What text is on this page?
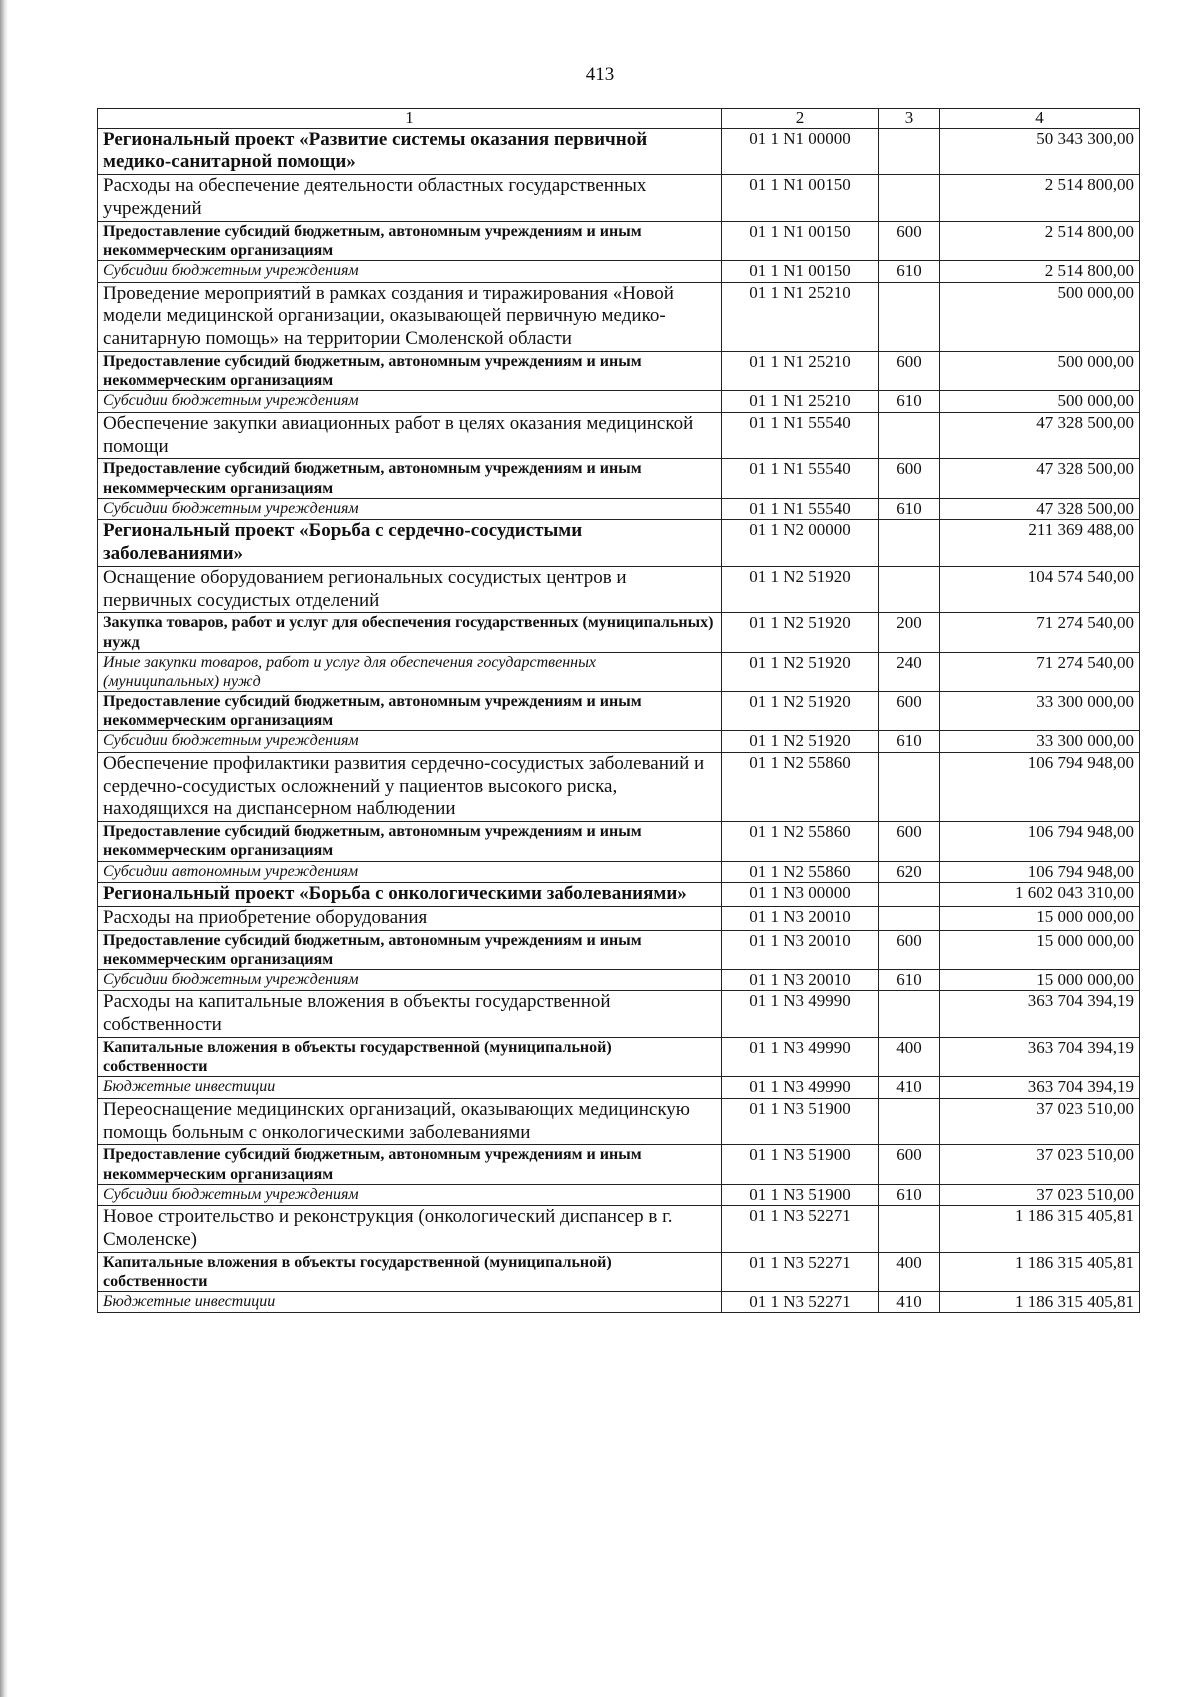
413
1	2	3	4
Региональный проект «Развитие системы оказания первичной медико-санитарной помощи»	01 1 N1 00000		50 343 300,00
Расходы на обеспечение деятельности областных государственных учреждений	01 1 N1 00150		2 514 800,00
Предоставление субсидий бюджетным, автономным учреждениям и иным некоммерческим организациям	01 1 N1 00150	600	2 514 800,00
Субсидии бюджетным учреждениям	01 1 N1 00150	610	2 514 800,00
Проведение мероприятий в рамках создания и тиражирования «Новой модели медицинской организации, оказывающей первичную медико-санитарную помощь» на территории Смоленской области	01 1 N1 25210		500 000,00
Предоставление субсидий бюджетным, автономным учреждениям и иным некоммерческим организациям	01 1 N1 25210	600	500 000,00
Субсидии бюджетным учреждениям	01 1 N1 25210	610	500 000,00
Обеспечение закупки авиационных работ в целях оказания медицинской помощи	01 1 N1 55540		47 328 500,00
Предоставление субсидий бюджетным, автономным учреждениям и иным некоммерческим организациям	01 1 N1 55540	600	47 328 500,00
Субсидии бюджетным учреждениям	01 1 N1 55540	610	47 328 500,00
Региональный проект «Борьба с сердечно-сосудистыми заболеваниями»	01 1 N2 00000		211 369 488,00
Оснащение оборудованием региональных сосудистых центров и первичных сосудистых отделений	01 1 N2 51920		104 574 540,00
Закупка товаров, работ и услуг для обеспечения государственных (муниципальных) нужд	01 1 N2 51920	200	71 274 540,00
Иные закупки товаров, работ и услуг для обеспечения государственных (муниципальных) нужд	01 1 N2 51920	240	71 274 540,00
Предоставление субсидий бюджетным, автономным учреждениям и иным некоммерческим организациям	01 1 N2 51920	600	33 300 000,00
Субсидии бюджетным учреждениям	01 1 N2 51920	610	33 300 000,00
Обеспечение профилактики развития сердечно-сосудистых заболеваний и сердечно-сосудистых осложнений у пациентов высокого риска, находящихся на диспансерном наблюдении	01 1 N2 55860		106 794 948,00
Предоставление субсидий бюджетным, автономным учреждениям и иным некоммерческим организациям	01 1 N2 55860	600	106 794 948,00
Субсидии автономным учреждениям	01 1 N2 55860	620	106 794 948,00
Региональный проект «Борьба с онкологическими заболеваниями»	01 1 N3 00000		1 602 043 310,00
Расходы на приобретение оборудования	01 1 N3 20010		15 000 000,00
Предоставление субсидий бюджетным, автономным учреждениям и иным некоммерческим организациям	01 1 N3 20010	600	15 000 000,00
Субсидии бюджетным учреждениям	01 1 N3 20010	610	15 000 000,00
Расходы на капитальные вложения в объекты государственной собственности	01 1 N3 49990		363 704 394,19
Капитальные вложения в объекты государственной (муниципальной) собственности	01 1 N3 49990	400	363 704 394,19
Бюджетные инвестиции	01 1 N3 49990	410	363 704 394,19
Переоснащение медицинских организаций, оказывающих медицинскую помощь больным с онкологическими заболеваниями	01 1 N3 51900		37 023 510,00
Предоставление субсидий бюджетным, автономным учреждениям и иным некоммерческим организациям	01 1 N3 51900	600	37 023 510,00
Субсидии бюджетным учреждениям	01 1 N3 51900	610	37 023 510,00
Новое строительство и реконструкция (онкологический диспансер в г. Смоленске)	01 1 N3 52271		1 186 315 405,81
Капитальные вложения в объекты государственной (муниципальной) собственности	01 1 N3 52271	400	1 186 315 405,81
Бюджетные инвестиции	01 1 N3 52271	410	1 186 315 405,81
